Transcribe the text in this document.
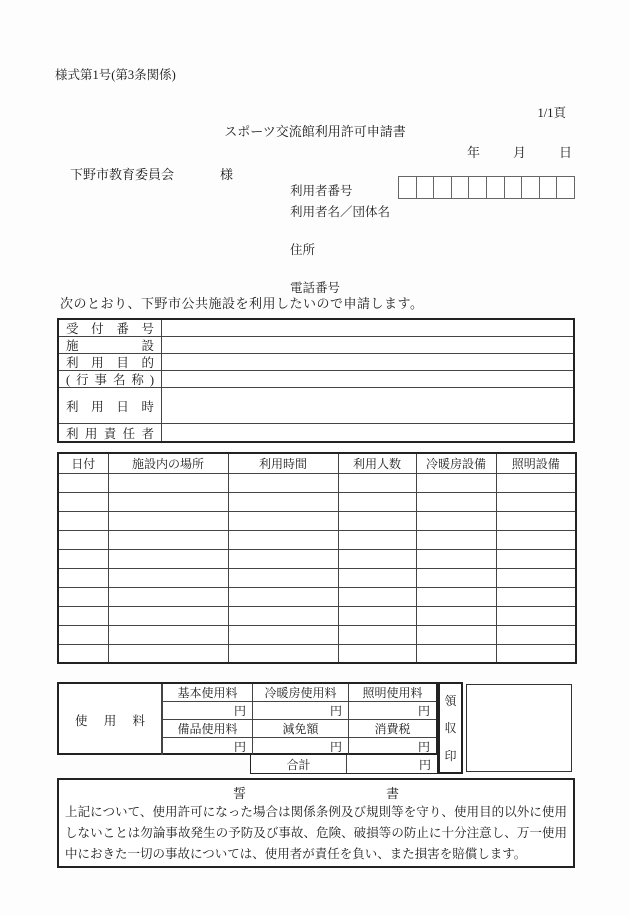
様式第1号(第3条関係)
1/1頁
スポーツ交流館利用許可申請書
年	月	日
下野市教育委員会	様
利用者番号
利用者名／団体名
住所
電話番号
次のとおり、下野市公共施設を利用したいので申請します。
受付番号
施設
利用目的
(行事名称)
利用日時
利用責任者
日付	施設内の場所	利用時間	利用人数	冷暖房設備	照明設備

使用料
基本使用料	冷暖房使用料	照明使用料
円	円	円
備品使用料	減免額	消費税
円	円	円
合計	円
領
収
印
誓	書
上記について、使用許可になった場合は関係条例及び規則等を守り、使用目的以外に使用しないことは勿論事故発生の予防及び事故、危険、破損等の防止に十分注意し、万一使用中におきた一切の事故については、使用者が責任を負い、また損害を賠償します。
